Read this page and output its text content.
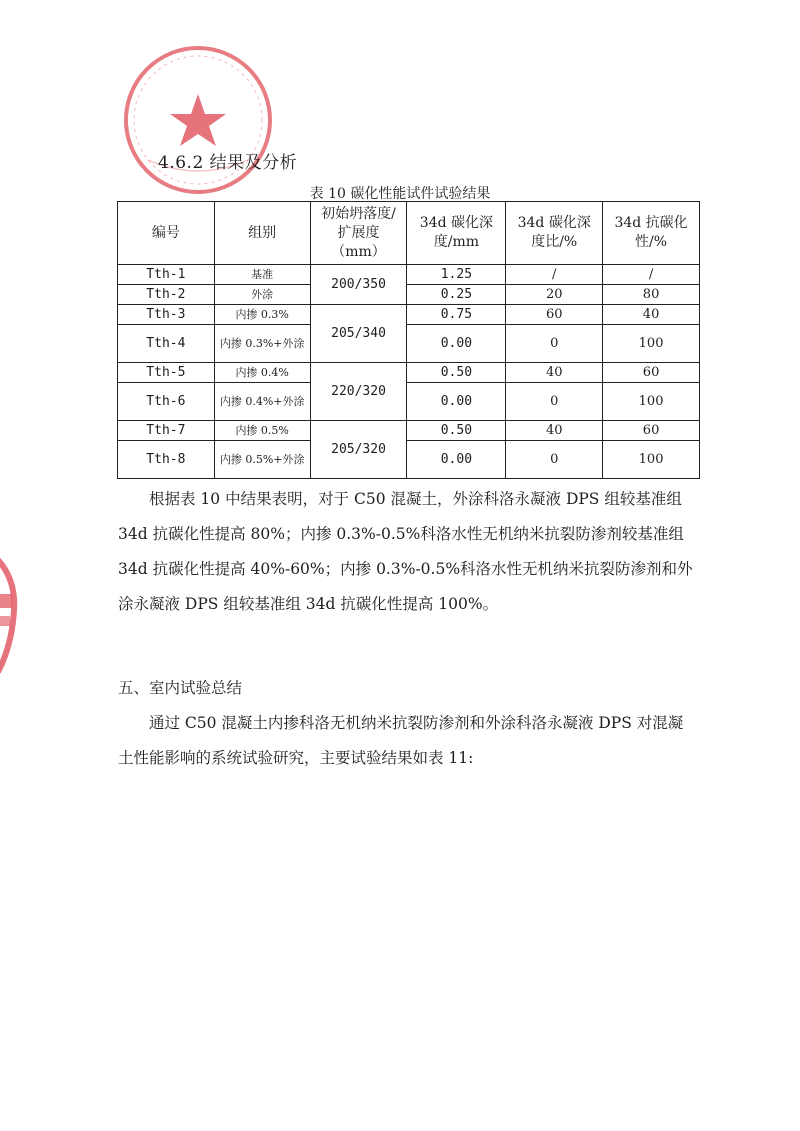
4.6.2 结果及分析
表 10 碳化性能试件试验结果
编号	组别	初始坍落度/扩展度（mm）	34d 碳化深度/mm	34d 碳化深度比/%	34d 抗碳化性/%
Tth-1	基准	200/350	1.25	/	/
Tth-2	外涂		0.25	20	80
Tth-3	内掺 0.3%	205/340	0.75	60	40
Tth-4	内掺 0.3%+外涂		0.00	0	100
Tth-5	内掺 0.4%	220/320	0.50	40	60
Tth-6	内掺 0.4%+外涂		0.00	0	100
Tth-7	内掺 0.5%	205/320	0.50	40	60
Tth-8	内掺 0.5%+外涂		0.00	0	100

根据表 10 中结果表明，对于 C50 混凝土，外涂科洛永凝液 DPS 组较基准组 34d 抗碳化性提高 80%；内掺 0.3%-0.5%科洛水性无机纳米抗裂防渗剂较基准组 34d 抗碳化性提高 40%-60%；内掺 0.3%-0.5%科洛水性无机纳米抗裂防渗剂和外涂永凝液 DPS 组较基准组 34d 抗碳化性提高 100%。

五、室内试验总结

通过 C50 混凝土内掺科洛无机纳米抗裂防渗剂和外涂科洛永凝液 DPS 对混凝土性能影响的系统试验研究，主要试验结果如表 11:
